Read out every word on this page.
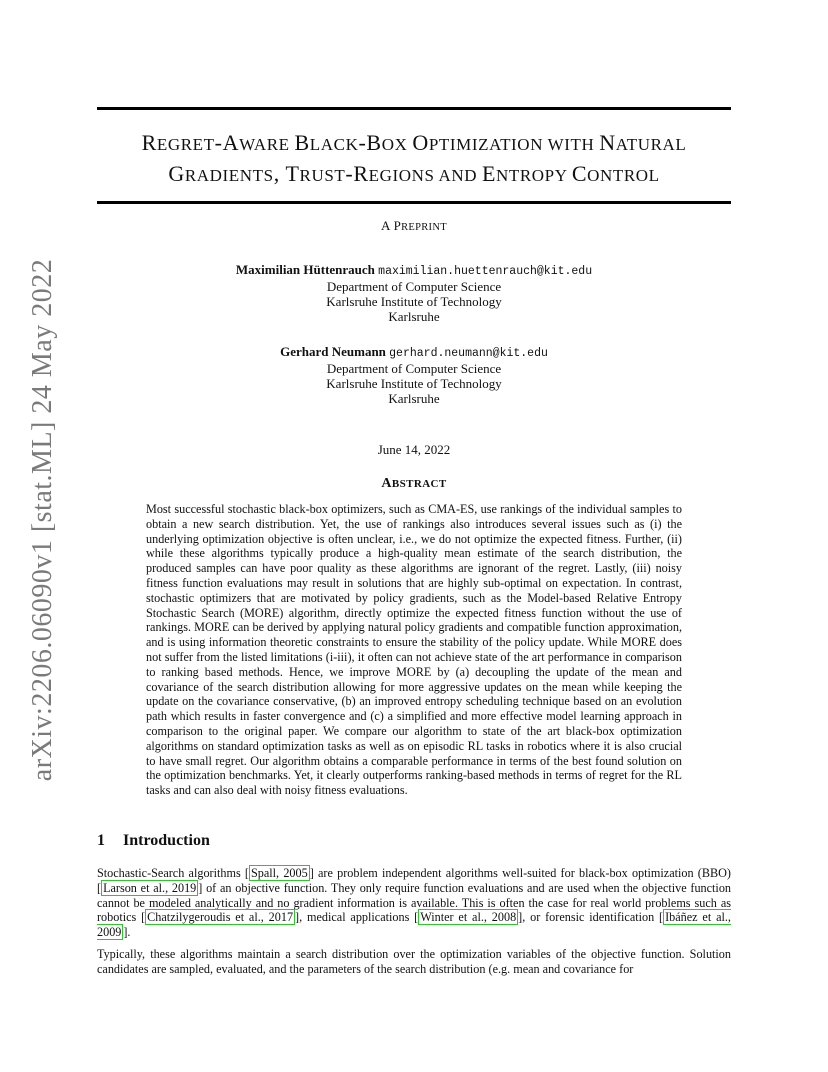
arXiv:2206.06090v1 [stat.ML] 24 May 2022
REGRET-AWARE BLACK-BOX OPTIMIZATION WITH NATURAL
GRADIENTS, TRUST-REGIONS AND ENTROPY CONTROL
A PREPRINT
Maximilian Hüttenrauch maximilian.huettenrauch@kit.edu
Department of Computer Science
Karlsruhe Institute of Technology
Karlsruhe
Gerhard Neumann gerhard.neumann@kit.edu
Department of Computer Science
Karlsruhe Institute of Technology
Karlsruhe
June 14, 2022
ABSTRACT

Most successful stochastic black-box optimizers, such as CMA-ES, use rankings of the individual samples to obtain a new search distribution. Yet, the use of rankings also introduces several issues such as (i) the underlying optimization objective is often unclear, i.e., we do not optimize the expected fitness. Further, (ii) while these algorithms typically produce a high-quality mean estimate of the search distribution, the produced samples can have poor quality as these algorithms are ignorant of the regret. Lastly, (iii) noisy fitness function evaluations may result in solutions that are highly sub-optimal on expectation. In contrast, stochastic optimizers that are motivated by policy gradients, such as the Model-based Relative Entropy Stochastic Search (MORE) algorithm, directly optimize the expected fitness function without the use of rankings. MORE can be derived by applying natural policy gradients and compatible function approximation, and is using information theoretic constraints to ensure the stability of the policy update. While MORE does not suffer from the listed limitations (i-iii), it often can not achieve state of the art performance in comparison to ranking based methods. Hence, we improve MORE by (a) decoupling the update of the mean and covariance of the search distribution allowing for more aggressive updates on the mean while keeping the update on the covariance conservative, (b) an improved entropy scheduling technique based on an evolution path which results in faster convergence and (c) a simplified and more effective model learning approach in comparison to the original paper. We compare our algorithm to state of the art black-box optimization algorithms on standard optimization tasks as well as on episodic RL tasks in robotics where it is also crucial to have small regret. Our algorithm obtains a comparable performance in terms of the best found solution on the optimization benchmarks. Yet, it clearly outperforms ranking-based methods in terms of regret for the RL tasks and can also deal with noisy fitness evaluations.

1 Introduction

Stochastic-Search algorithms [ Spall, 2005 ] are problem independent algorithms well-suited for black-box optimization (BBO) [ Larson et al., 2019 ] of an objective function. They only require function evaluations and are used when the objective function cannot be modeled analytically and no gradient information is available. This is often the case for real world problems such as robotics [ Chatzilygeroudis et al., 2017 ], medical applications [ Winter et al., 2008 ], or forensic identification [ Ibáñez et al., 2009 ].

Typically, these algorithms maintain a search distribution over the optimization variables of the objective function. Solution candidates are sampled, evaluated, and the parameters of the search distribution (e.g. mean and covariance for
